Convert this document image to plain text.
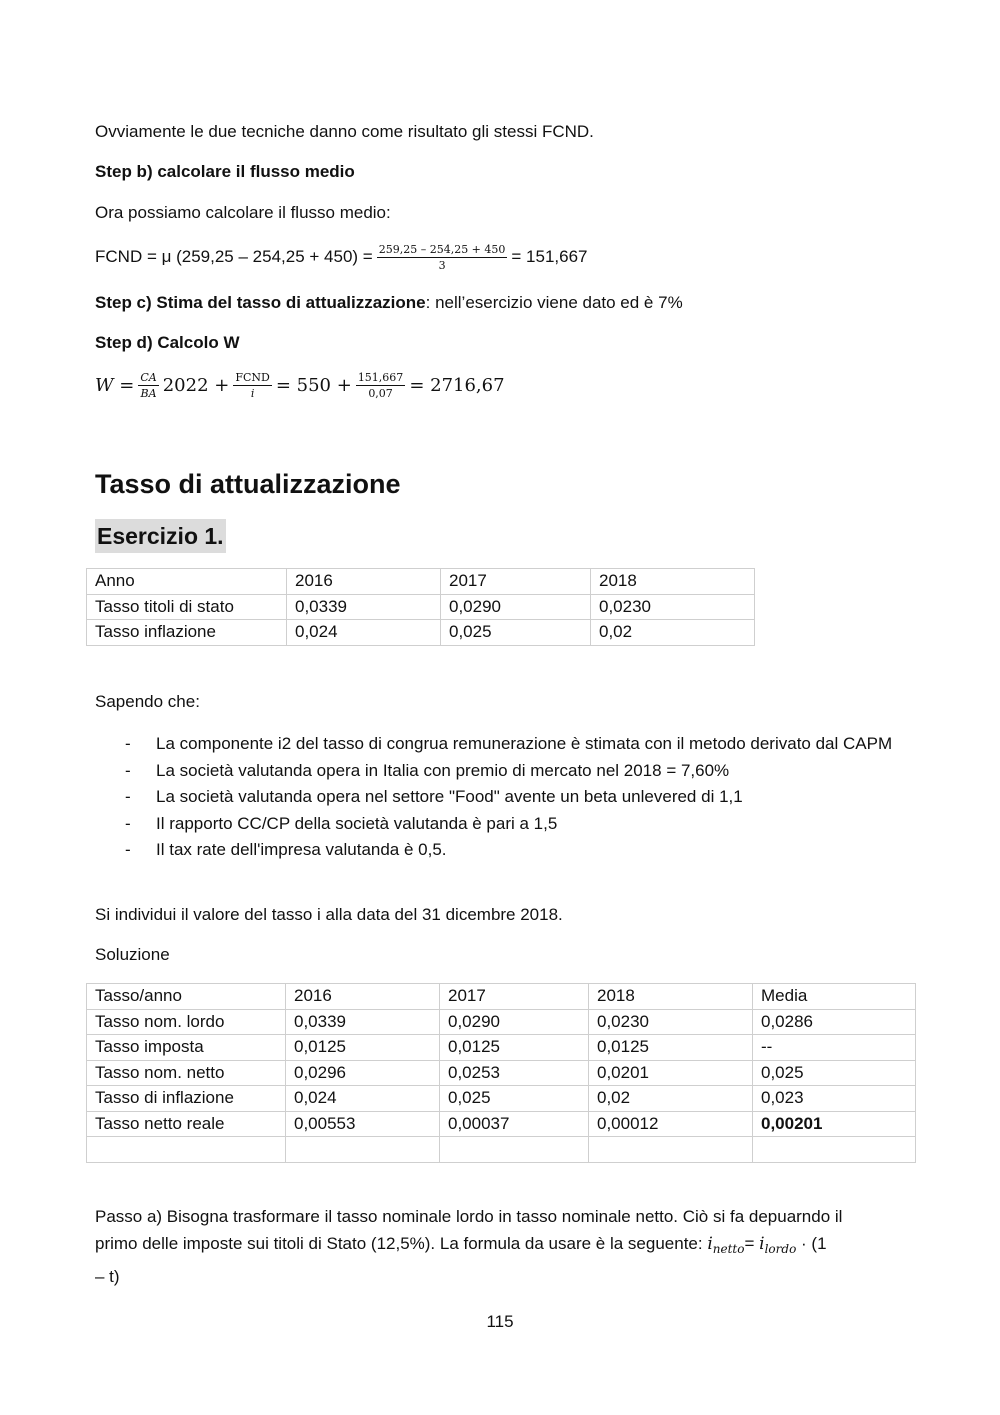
Ovviamente le due tecniche danno come risultato gli stessi FCND.

Step b) calcolare il flusso medio

Ora possiamo calcolare il flusso medio:

FCND = μ $(259,25 - 254,25 + 450) = \frac{259,25 - 254,25 + 450}{3} = 151,667$

Step c) Stima del tasso di attualizzazione: nell’esercizio viene dato ed è 7%

Step d) Calcolo W

$W = \frac{CA}{BA} 2022 + \frac{\text{FCND}}{i} = 550 + \frac{151,667}{0,07} = 2716,67$
Tasso di attualizzazione
Esercizio 1.
Anno	2016	2017	2018
Tasso titoli di stato	0,0339	0,0290	0,0230
Tasso inflazione	0,024	0,025	0,02

Sapendo che:

- La componente i2 del tasso di congrua remunerazione è stimata con il metodo derivato dal CAPM
- La società valutanda opera in Italia con premio di mercato nel 2018 = 7,60%
- La società valutanda opera nel settore "Food" avente un beta unlevered di 1,1
- Il rapporto CC/CP della società valutanda è pari a 1,5
- Il tax rate dell'impresa valutanda è 0,5.

Si individui il valore del tasso i alla data del 31 dicembre 2018.

Soluzione

Tasso/anno	2016	2017	2018	Media
Tasso nom. lordo	0,0339	0,0290	0,0230	0,0286
Tasso imposta	0,0125	0,0125	0,0125	--
Tasso nom. netto	0,0296	0,0253	0,0201	0,025
Tasso di inflazione	0,024	0,025	0,02	0,023
Tasso netto reale	0,00553	0,00037	0,00012	0,00201

Passo a) Bisogna trasformare il tasso nominale lordo in tasso nominale netto. Ciò si fa depuarndo il
primo delle imposte sui titoli di Stato (12,5%). La formula da usare è la seguente: $i_{netto}= i_{lordo} \cdot (1$
– t)
115
